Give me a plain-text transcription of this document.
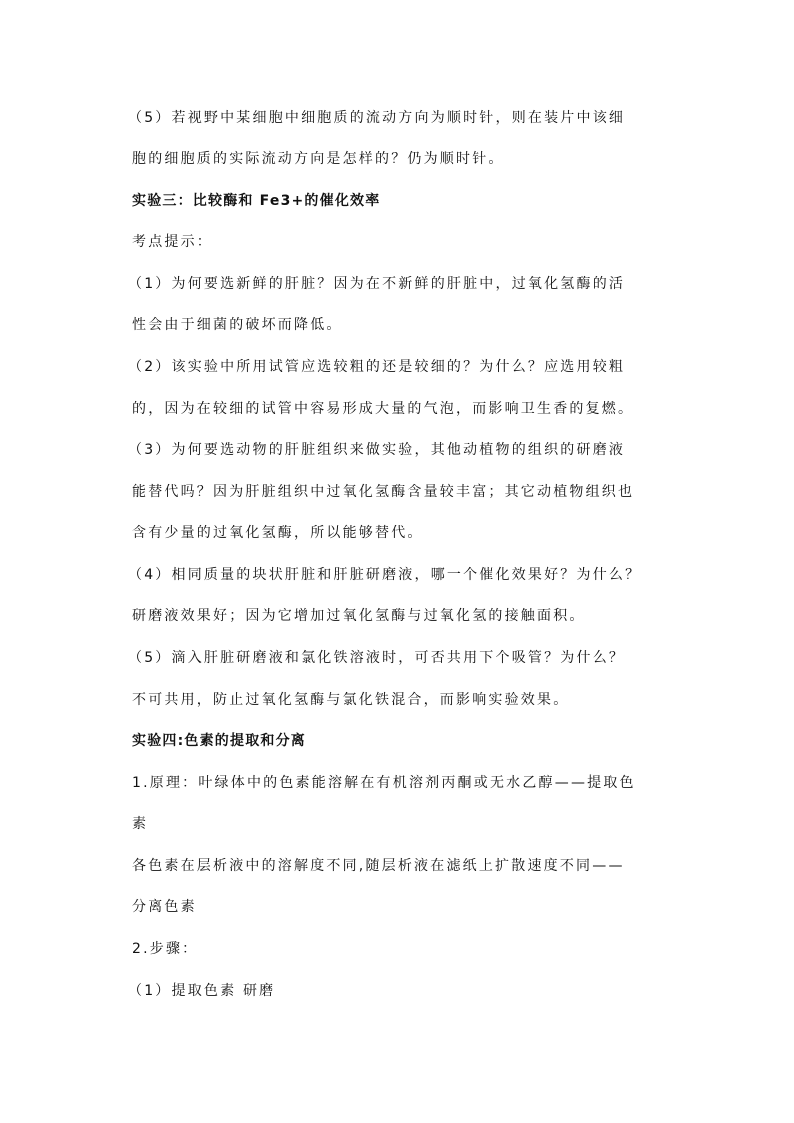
（5）若视野中某细胞中细胞质的流动方向为顺时针，则在装片中该细
胞的细胞质的实际流动方向是怎样的？仍为顺时针。
实验三：比较酶和 Fe3+的催化效率
考点提示：
（1）为何要选新鲜的肝脏？因为在不新鲜的肝脏中，过氧化氢酶的活
性会由于细菌的破坏而降低。
（2）该实验中所用试管应选较粗的还是较细的？为什么？应选用较粗
的，因为在较细的试管中容易形成大量的气泡，而影响卫生香的复燃。
（3）为何要选动物的肝脏组织来做实验，其他动植物的组织的研磨液
能替代吗？因为肝脏组织中过氧化氢酶含量较丰富；其它动植物组织也
含有少量的过氧化氢酶，所以能够替代。
（4）相同质量的块状肝脏和肝脏研磨液，哪一个催化效果好？为什么？
研磨液效果好；因为它增加过氧化氢酶与过氧化氢的接触面积。
（5）滴入肝脏研磨液和氯化铁溶液时，可否共用下个吸管？为什么？
不可共用，防止过氧化氢酶与氯化铁混合，而影响实验效果。
实验四:色素的提取和分离
1.原理：叶绿体中的色素能溶解在有机溶剂丙酮或无水乙醇——提取色
素
各色素在层析液中的溶解度不同,随层析液在滤纸上扩散速度不同——
分离色素
2.步骤：
（1）提取色素 研磨
